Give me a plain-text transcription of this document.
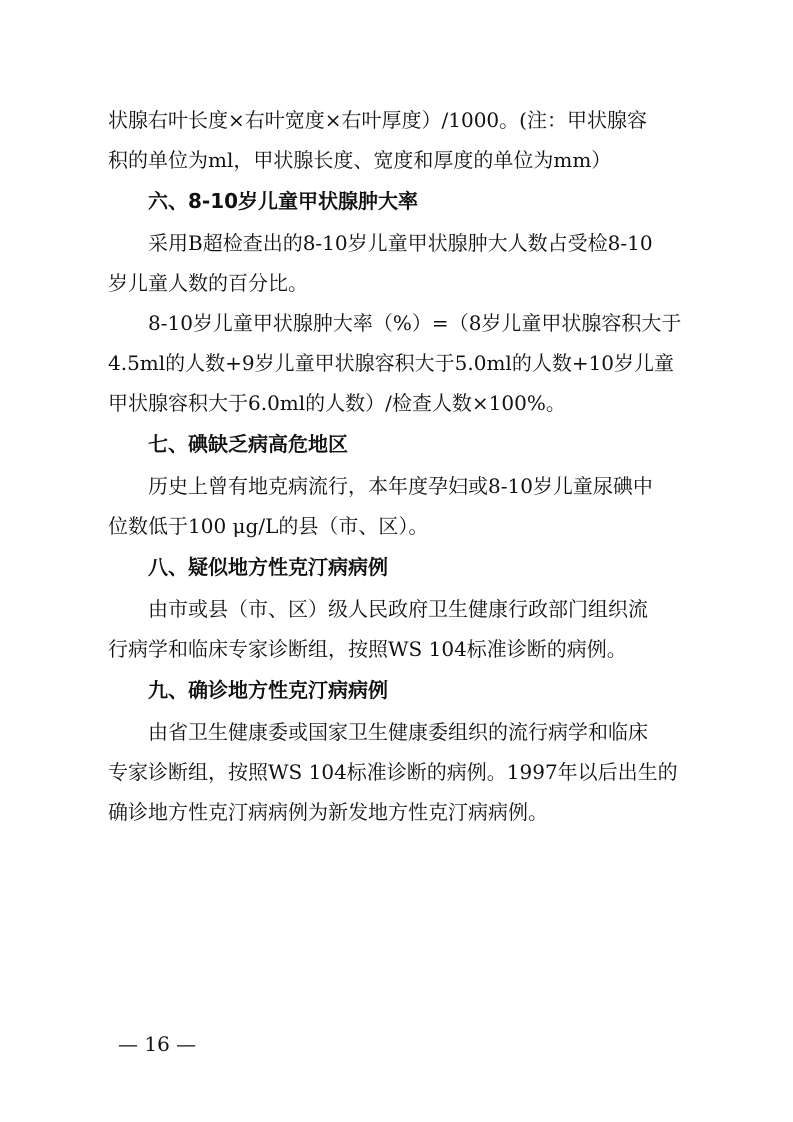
状腺右叶长度×右叶宽度×右叶厚度）/1000。(注：甲状腺容
积的单位为ml，甲状腺长度、宽度和厚度的单位为mm）
六、8-10岁儿童甲状腺肿大率
采用B超检查出的8-10岁儿童甲状腺肿大人数占受检8-10
岁儿童人数的百分比。
8-10岁儿童甲状腺肿大率（%）=（8岁儿童甲状腺容积大于
4.5ml的人数+9岁儿童甲状腺容积大于5.0ml的人数+10岁儿童
甲状腺容积大于6.0ml的人数）/检查人数×100%。
七、碘缺乏病高危地区
历史上曾有地克病流行，本年度孕妇或8-10岁儿童尿碘中
位数低于100 μg/L的县（市、区）。
八、疑似地方性克汀病病例
由市或县（市、区）级人民政府卫生健康行政部门组织流
行病学和临床专家诊断组，按照WS 104标准诊断的病例。
九、确诊地方性克汀病病例
由省卫生健康委或国家卫生健康委组织的流行病学和临床
专家诊断组，按照WS 104标准诊断的病例。1997年以后出生的
确诊地方性克汀病病例为新发地方性克汀病病例。
— 16 —
